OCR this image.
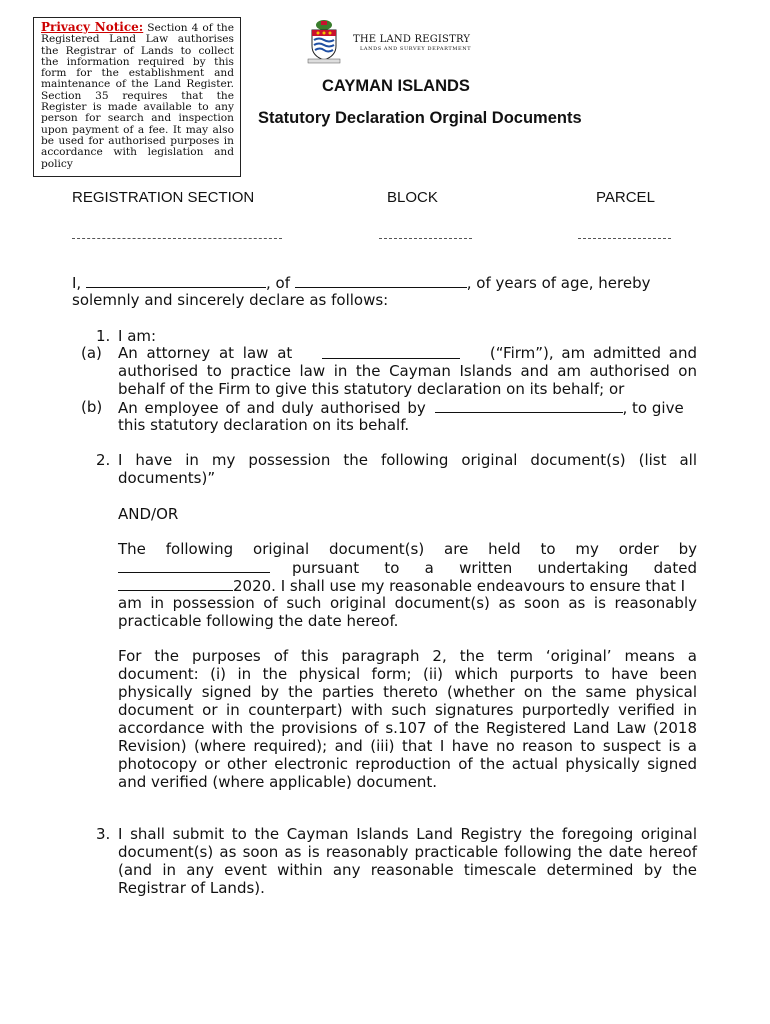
Privacy Notice: Section 4 of the Registered Land Law authorises the Registrar of Lands to collect the information required by this form for the establishment and maintenance of the Land Register. Section 35 requires that the Register is made available to any person for search and inspection upon payment of a fee. It may also be used for authorised purposes in accordance with legislation and policy
THE LAND REGISTRY
LANDS AND SURVEY DEPARTMENT
CAYMAN ISLANDS
Statutory Declaration Orginal Documents
REGISTRATION SECTION	BLOCK	PARCEL
I,	, of	, of years of age, hereby
solemnly and sincerely declare as follows:
1. I am:
(a) An attorney at law at	(“Firm”), am admitted and
authorised to practice law in the Cayman Islands and am authorised on
behalf of the Firm to give this statutory declaration on its behalf; or
(b) An employee of and duly authorised by	, to give
this statutory declaration on its behalf.
2. I have in my possession the following original document(s) (list all
documents)”
AND/OR
The following original document(s) are held to my order by
pursuant to a written undertaking dated
2020. I shall use my reasonable endeavours to ensure that I
am in possession of such original document(s) as soon as is reasonably
practicable following the date hereof.
For the purposes of this paragraph 2, the term ‘original’ means a
document: (i) in the physical form; (ii) which purports to have been
physically signed by the parties thereto (whether on the same physical
document or in counterpart) with such signatures purportedly verified in
accordance with the provisions of s.107 of the Registered Land Law (2018
Revision) (where required); and (iii) that I have no reason to suspect is a
photocopy or other electronic reproduction of the actual physically signed
and verified (where applicable) document.
3. I shall submit to the Cayman Islands Land Registry the foregoing original
document(s) as soon as is reasonably practicable following the date hereof
(and in any event within any reasonable timescale determined by the
Registrar of Lands).
